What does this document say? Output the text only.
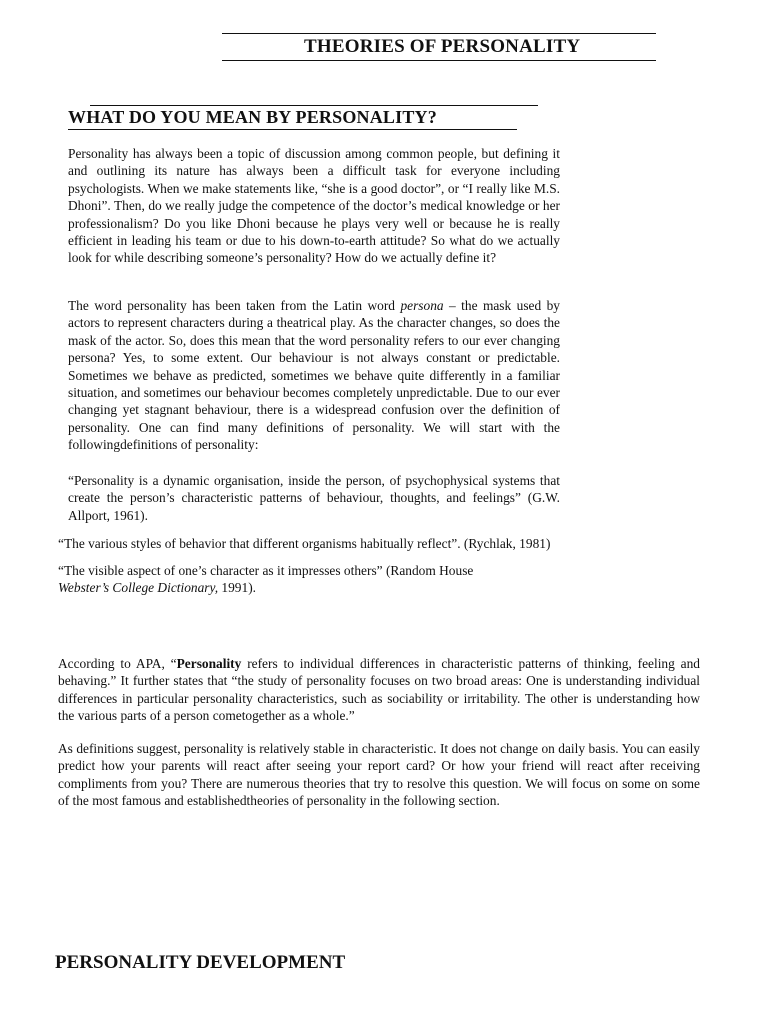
THEORIES OF PERSONALITY
WHAT DO YOU MEAN BY PERSONALITY?

Personality has always been a topic of discussion among common people, but defining it and outlining its nature has always been a difficult task for everyone including psychologists. When we make statements like, “she is a good doctor”, or “I really like M.S. Dhoni”. Then, do we really judge the competence of the doctor’s medical knowledge or her professionalism? Do you like Dhoni because he plays very well or because he is really efficient in leading his team or due to his down-to-earth attitude? So what do we actually look for while describing someone’s personality? How do we actually define it?

The word personality has been taken from the Latin word persona – the mask used by actors to represent characters during a theatrical play. As the character changes, so does the mask of the actor. So, does this mean that the word personality refers to our ever changing persona? Yes, to some extent. Our behaviour is not always constant or predictable. Sometimes we behave as predicted, sometimes we behave quite differently in a familiar situation, and sometimes our behaviour becomes completely unpredictable. Due to our ever changing yet stagnant behaviour, there is a widespread confusion over the definition of personality. One can find many definitions of personality. We will start with the followingdefinitions of personality:

“Personality is a dynamic organisation, inside the person, of psychophysical systems that create the person’s characteristic patterns of behaviour, thoughts, and feelings” (G.W. Allport, 1961).

“The various styles of behavior that different organisms habitually reflect”. (Rychlak, 1981)

“The visible aspect of one’s character as it impresses others” (Random House
Webster’s College Dictionary, 1991).

According to APA, “Personality refers to individual differences in characteristic patterns of thinking, feeling and behaving.” It further states that “the study of personality focuses on two broad areas: One is understanding individual differences in particular personality characteristics, such as sociability or irritability. The other is understanding how the various parts of a person cometogether as a whole.”

As definitions suggest, personality is relatively stable in characteristic. It does not change on daily basis. You can easily predict how your parents will react after seeing your report card? Or how your friend will react after receiving compliments from you? There are numerous theories that try to resolve this question. We will focus on some on some of the most famous and establishedtheories of personality in the following section.

PERSONALITY DEVELOPMENT
